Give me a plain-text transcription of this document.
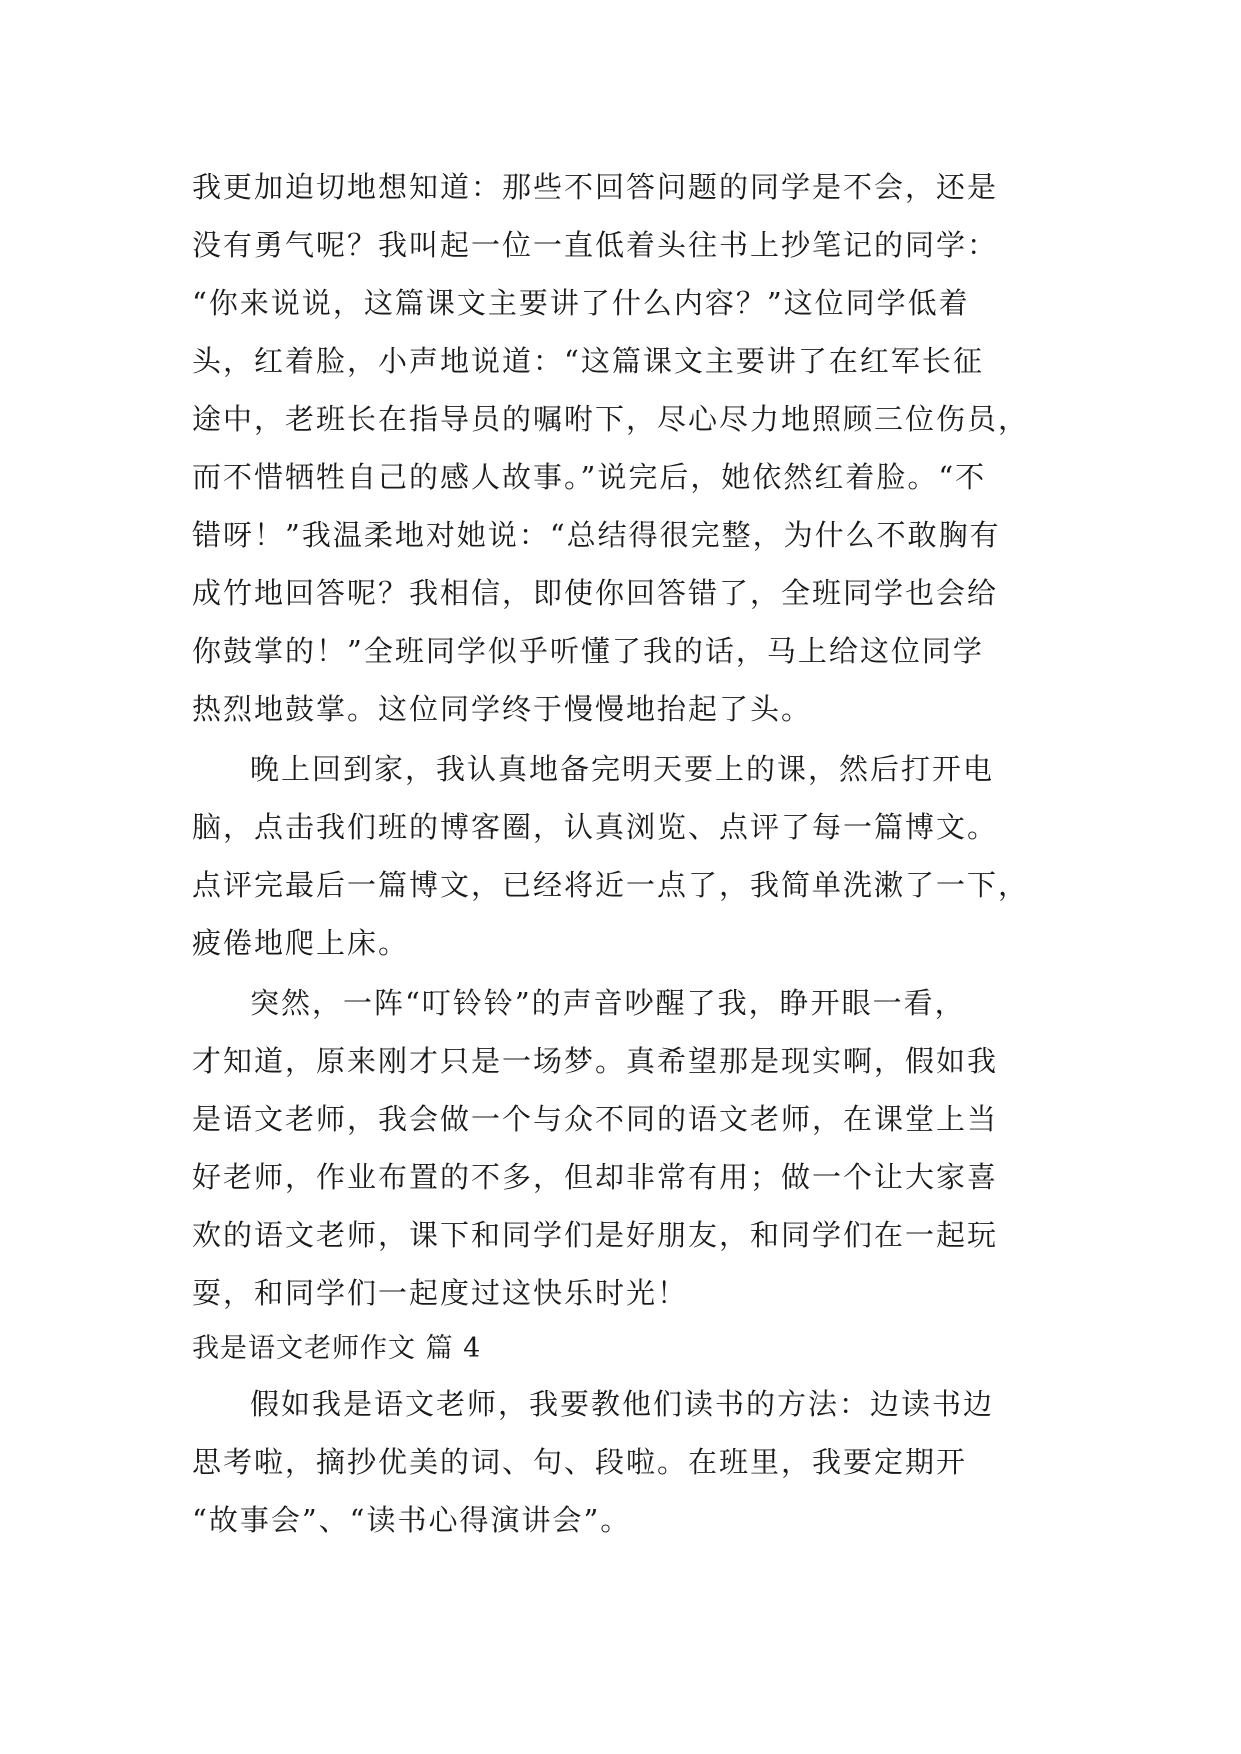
我更加迫切地想知道：那些不回答问题的同学是不会，还是
没有勇气呢？我叫起一位一直低着头往书上抄笔记的同学：
“你来说说，这篇课文主要讲了什么内容？”这位同学低着
头，红着脸，小声地说道：“这篇课文主要讲了在红军长征
途中，老班长在指导员的嘱咐下，尽心尽力地照顾三位伤员，
而不惜牺牲自己的感人故事。”说完后，她依然红着脸。“不
错呀！”我温柔地对她说：“总结得很完整，为什么不敢胸有
成竹地回答呢？我相信，即使你回答错了，全班同学也会给
你鼓掌的！”全班同学似乎听懂了我的话，马上给这位同学
热烈地鼓掌。这位同学终于慢慢地抬起了头。
晚上回到家，我认真地备完明天要上的课，然后打开电
脑，点击我们班的博客圈，认真浏览、点评了每一篇博文。
点评完最后一篇博文，已经将近一点了，我简单洗漱了一下，
疲倦地爬上床。
突然，一阵“叮铃铃”的声音吵醒了我，睁开眼一看，
才知道，原来刚才只是一场梦。真希望那是现实啊，假如我
是语文老师，我会做一个与众不同的语文老师，在课堂上当
好老师，作业布置的不多，但却非常有用；做一个让大家喜
欢的语文老师，课下和同学们是好朋友，和同学们在一起玩
耍，和同学们一起度过这快乐时光！
我是语文老师作文 篇 4
假如我是语文老师，我要教他们读书的方法：边读书边
思考啦，摘抄优美的词、句、段啦。在班里，我要定期开
“故事会”、“读书心得演讲会”。
